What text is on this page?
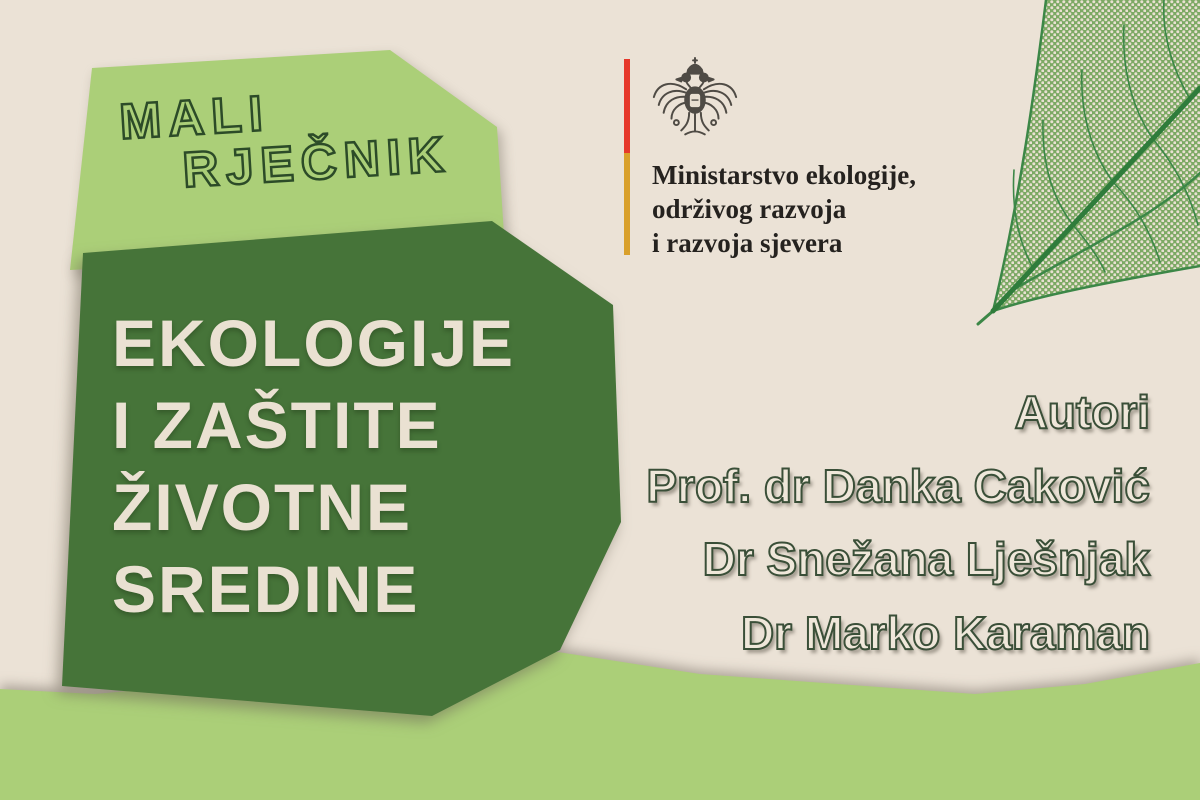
MALI
RJEČNIK
EKOLOGIJE
I ZAŠTITE
ŽIVOTNE
SREDINE
Ministarstvo ekologije,
održivog razvoja
i razvoja sjevera
Autori
Prof. dr Danka Caković
Dr Snežana Lješnjak
Dr Marko Karaman
